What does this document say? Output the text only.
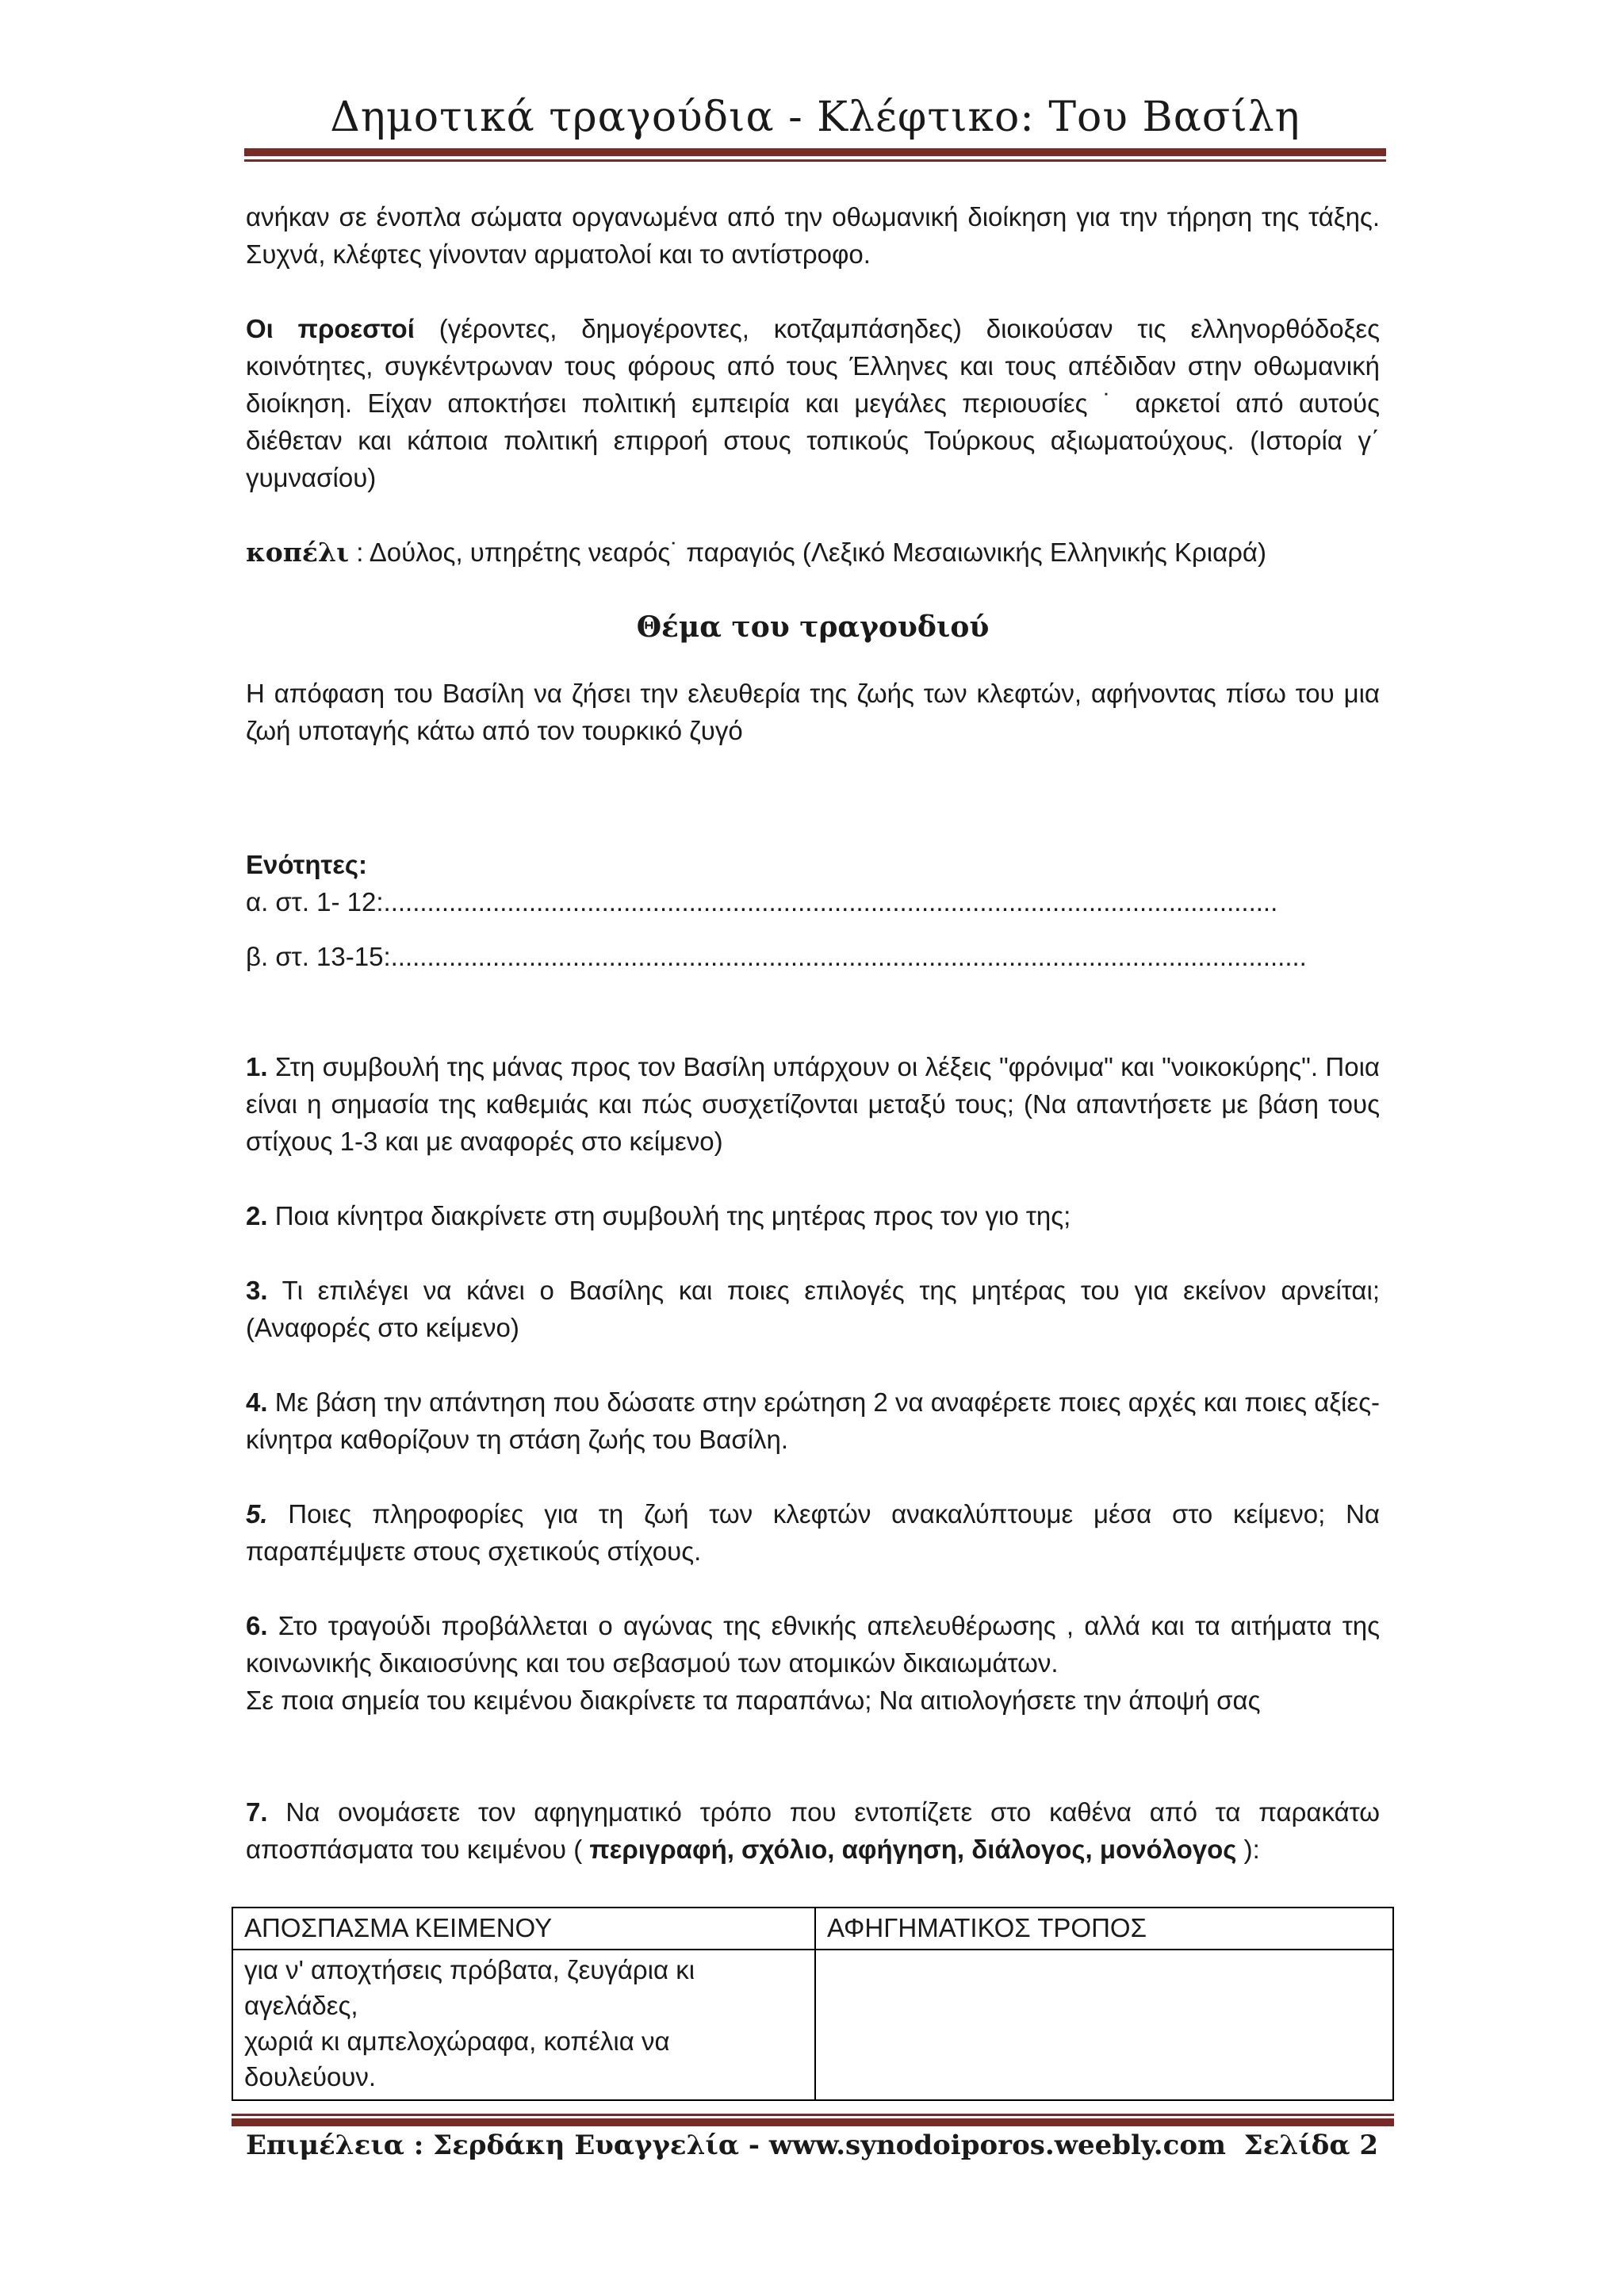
Δημοτικά τραγούδια - Κλέφτικο: Του Βασίλη

ανήκαν σε ένοπλα σώματα οργανωμένα από την οθωμανική διοίκηση για την τήρηση της τάξης. Συχνά, κλέφτες γίνονταν αρματολοί και το αντίστροφο.

Οι προεστοί (γέροντες, δημογέροντες, κοτζαμπάσηδες) διοικούσαν τις ελληνορθόδοξες κοινότητες, συγκέντρωναν τους φόρους από τους Έλληνες και τους απέδιδαν στην οθωμανική διοίκηση. Είχαν αποκτήσει πολιτική εμπειρία και μεγάλες περιουσίες ˙ αρκετοί από αυτούς διέθεταν και κάποια πολιτική επιρροή στους τοπικούς Τούρκους αξιωματούχους. (Ιστορία γ΄ γυμνασίου)

κοπέλι : Δούλος, υπηρέτης νεαρός˙ παραγιός (Λεξικό Μεσαιωνικής Ελληνικής Κριαρά)

Θέμα του τραγουδιού

Η απόφαση του Βασίλη να ζήσει την ελευθερία της ζωής των κλεφτών, αφήνοντας πίσω του μια ζωή υποταγής κάτω από τον τουρκικό ζυγό

Ενότητες:

α. στ. 1- 12:...........................................................................................................................

β. στ. 13-15:..............................................................................................................................

1. Στη συμβουλή της μάνας προς τον Βασίλη υπάρχουν οι λέξεις "φρόνιμα" και "νοικοκύρης". Ποια είναι η σημασία της καθεμιάς και πώς συσχετίζονται μεταξύ τους; (Να απαντήσετε με βάση τους στίχους 1-3 και με αναφορές στο κείμενο)

2. Ποια κίνητρα διακρίνετε στη συμβουλή της μητέρας προς τον γιο της;

3. Τι επιλέγει να κάνει ο Βασίλης και ποιες επιλογές της μητέρας του για εκείνον αρνείται; (Αναφορές στο κείμενο)

4. Με βάση την απάντηση που δώσατε στην ερώτηση 2 να αναφέρετε ποιες αρχές και ποιες αξίες- κίνητρα καθορίζουν τη στάση ζωής του Βασίλη.

5. Ποιες πληροφορίες για τη ζωή των κλεφτών ανακαλύπτουμε μέσα στο κείμενο; Να παραπέμψετε στους σχετικούς στίχους.

6. Στο τραγούδι προβάλλεται ο αγώνας της εθνικής απελευθέρωσης , αλλά και τα αιτήματα της κοινωνικής δικαιοσύνης και του σεβασμού των ατομικών δικαιωμάτων.

Σε ποια σημεία του κειμένου διακρίνετε τα παραπάνω; Να αιτιολογήσετε την άποψή σας

7. Να ονομάσετε τον αφηγηματικό τρόπο που εντοπίζετε στο καθένα από τα παρακάτω αποσπάσματα του κειμένου ( περιγραφή, σχόλιο, αφήγηση, διάλογος, μονόλογος ):

ΑΠΟΣΠΑΣΜΑ ΚΕΙΜΕΝΟΥ	ΑΦΗΓΗΜΑΤΙΚΟΣ ΤΡΟΠΟΣ

για ν' αποχτήσεις πρόβατα, ζευγάρια κι
αγελάδες,
χωριά κι αμπελοχώραφα, κοπέλια να
δουλεύουν.	

Επιμέλεια : Σερδάκη Ευαγγελία - www.synodoiporos.weebly.com Σελίδα 2
